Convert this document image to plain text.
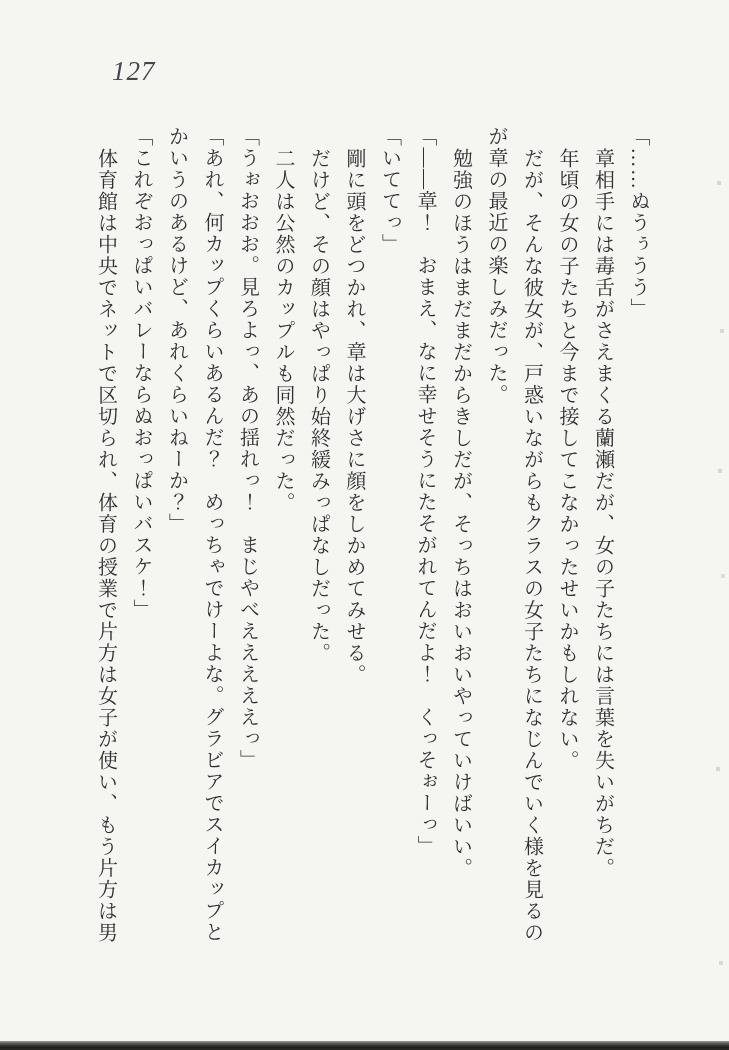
127
「……ぬうぅうう」
章相手には毒舌がさえまくる蘭瀬だが、女の子たちには言葉を失いがちだ。
年頃の女の子たちと今まで接してこなかったせいかもしれない。
だが、そんな彼女が、戸惑いながらもクラスの女子たちになじんでいく様を見るのが章の最近の楽しみだった。
勉強のほうはまだまだからきしだが、そっちはおいおいやっていけばいい。
「——章！　おまえ、なに幸せそうにたそがれてんだよ！　くっそぉーっ」
「いててっ」
剛に頭をどつかれ、章は大げさに顔をしかめてみせる。
だけど、その顔はやっぱり始終緩みっぱなしだった。
二人は公然のカップルも同然だった。
「うぉおおお。見ろよっ、あの揺れっ！　まじやべえええええっ」
「あれ、何カップくらいあるんだ？　めっちゃでけーよな。グラビアでスイカップとかいうのあるけど、あれくらいねーか？」
「これぞおっぱいバレーならぬおっぱいバスケ！」
体育館は中央でネットで区切られ、体育の授業で片方は女子が使い、もう片方は男
